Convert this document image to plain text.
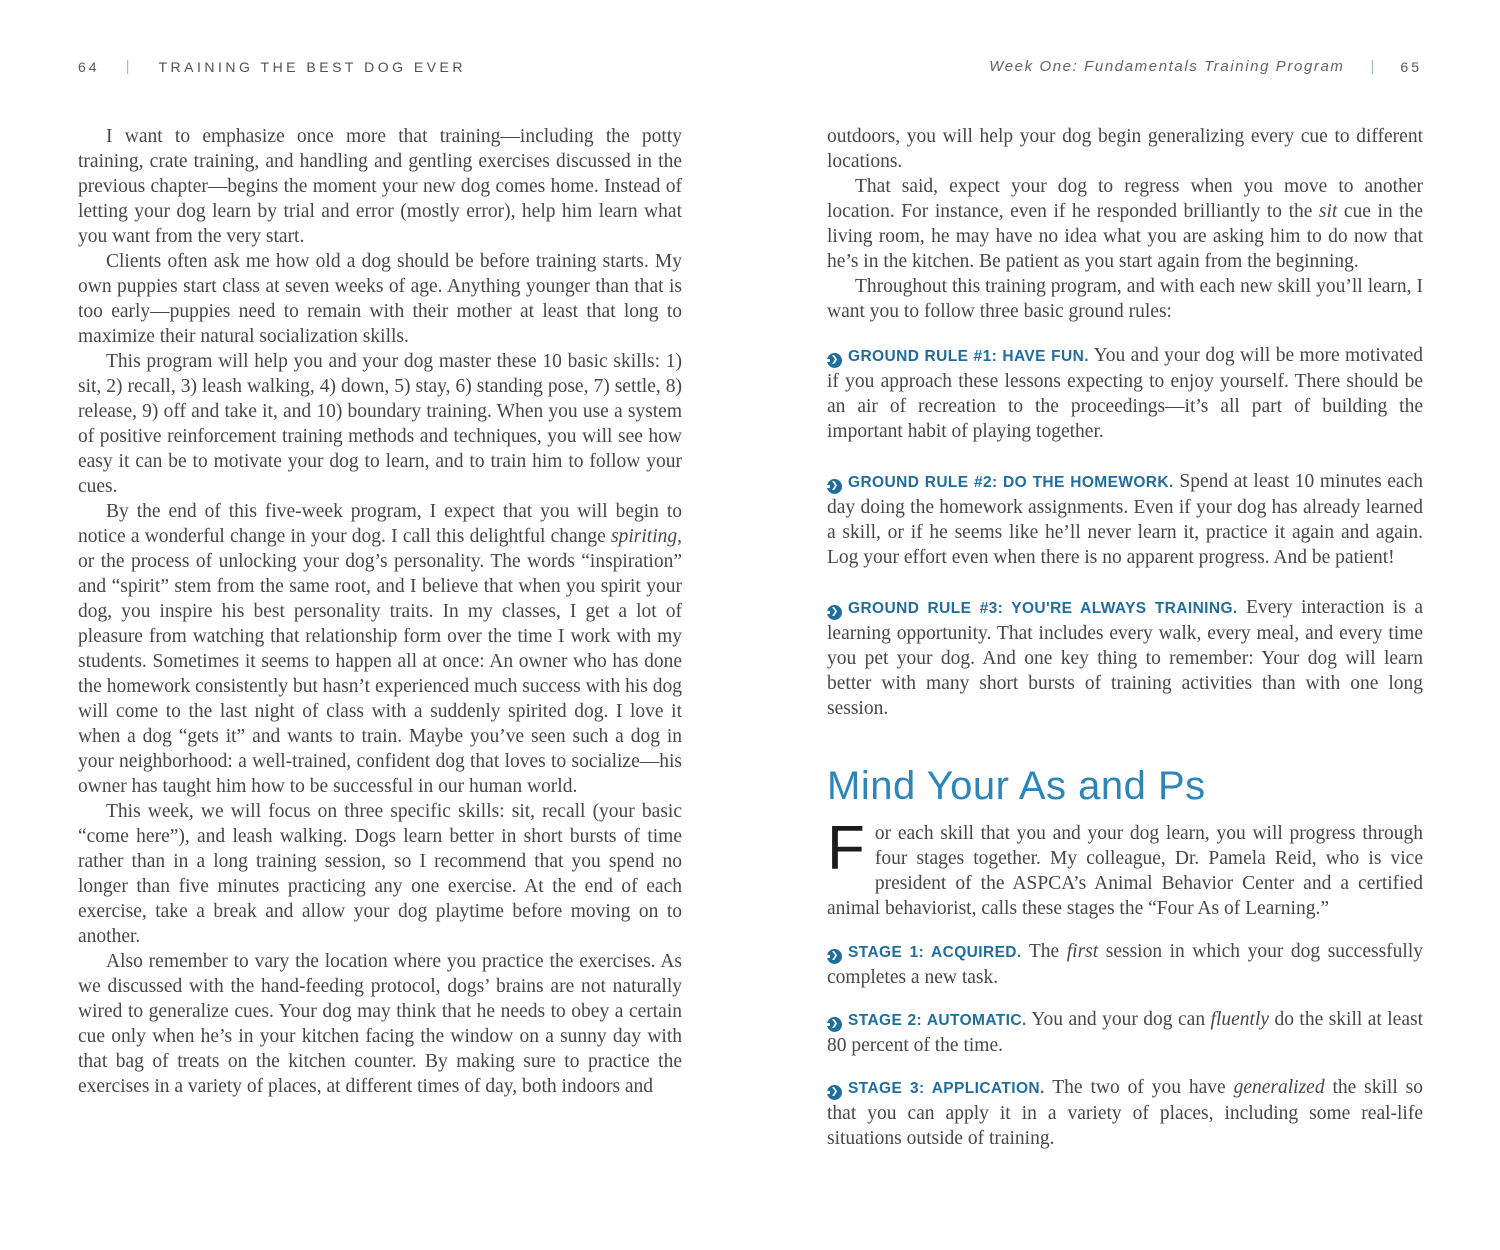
64 | TRAINING THE BEST DOG EVER	Week One: Fundamentals Training Program | 65

I want to emphasize once more that training—including the potty training, crate training, and handling and gentling exercises discussed in the previous chapter—begins the moment your new dog comes home. Instead of letting your dog learn by trial and error (mostly error), help him learn what you want from the very start.

Clients often ask me how old a dog should be before training starts. My own puppies start class at seven weeks of age. Anything younger than that is too early—puppies need to remain with their mother at least that long to maximize their natural socialization skills.

This program will help you and your dog master these 10 basic skills: 1) sit, 2) recall, 3) leash walking, 4) down, 5) stay, 6) standing pose, 7) settle, 8) release, 9) off and take it, and 10) boundary training. When you use a system of positive reinforcement training methods and techniques, you will see how easy it can be to motivate your dog to learn, and to train him to follow your cues.

By the end of this five-week program, I expect that you will begin to notice a wonderful change in your dog. I call this delightful change spiriting, or the process of unlocking your dog’s personality. The words “inspiration” and “spirit” stem from the same root, and I believe that when you spirit your dog, you inspire his best personality traits. In my classes, I get a lot of pleasure from watching that relationship form over the time I work with my students. Sometimes it seems to happen all at once: An owner who has done the homework consistently but hasn’t experienced much success with his dog will come to the last night of class with a suddenly spirited dog. I love it when a dog “gets it” and wants to train. Maybe you’ve seen such a dog in your neighborhood: a well-trained, confident dog that loves to socialize—his owner has taught him how to be successful in our human world.

This week, we will focus on three specific skills: sit, recall (your basic “come here”), and leash walking. Dogs learn better in short bursts of time rather than in a long training session, so I recommend that you spend no longer than five minutes practicing any one exercise. At the end of each exercise, take a break and allow your dog playtime before moving on to another.

Also remember to vary the location where you practice the exercises. As we discussed with the hand-feeding protocol, dogs’ brains are not naturally wired to generalize cues. Your dog may think that he needs to obey a certain cue only when he’s in your kitchen facing the window on a sunny day with that bag of treats on the kitchen counter. By making sure to practice the exercises in a variety of places, at different times of day, both indoors and

outdoors, you will help your dog begin generalizing every cue to different locations.

That said, expect your dog to regress when you move to another location. For instance, even if he responded brilliantly to the sit cue in the living room, he may have no idea what you are asking him to do now that he’s in the kitchen. Be patient as you start again from the beginning.

Throughout this training program, and with each new skill you’ll learn, I want you to follow three basic ground rules:

❯ GROUND RULE #1: HAVE FUN. You and your dog will be more motivated if you approach these lessons expecting to enjoy yourself. There should be an air of recreation to the proceedings—it’s all part of building the important habit of playing together.

❯ GROUND RULE #2: DO THE HOMEWORK. Spend at least 10 minutes each day doing the homework assignments. Even if your dog has already learned a skill, or if he seems like he’ll never learn it, practice it again and again. Log your effort even when there is no apparent progress. And be patient!

❯ GROUND RULE #3: YOU'RE ALWAYS TRAINING. Every interaction is a learning opportunity. That includes every walk, every meal, and every time you pet your dog. And one key thing to remember: Your dog will learn better with many short bursts of training activities than with one long session.

Mind Your As and Ps

For each skill that you and your dog learn, you will progress through four stages together. My colleague, Dr. Pamela Reid, who is vice president of the ASPCA’s Animal Behavior Center and a certified animal behaviorist, calls these stages the “Four As of Learning.”

❯ STAGE 1: ACQUIRED. The first session in which your dog successfully completes a new task.

❯ STAGE 2: AUTOMATIC. You and your dog can fluently do the skill at least 80 percent of the time.

❯ STAGE 3: APPLICATION. The two of you have generalized the skill so that you can apply it in a variety of places, including some real-life situations outside of training.
